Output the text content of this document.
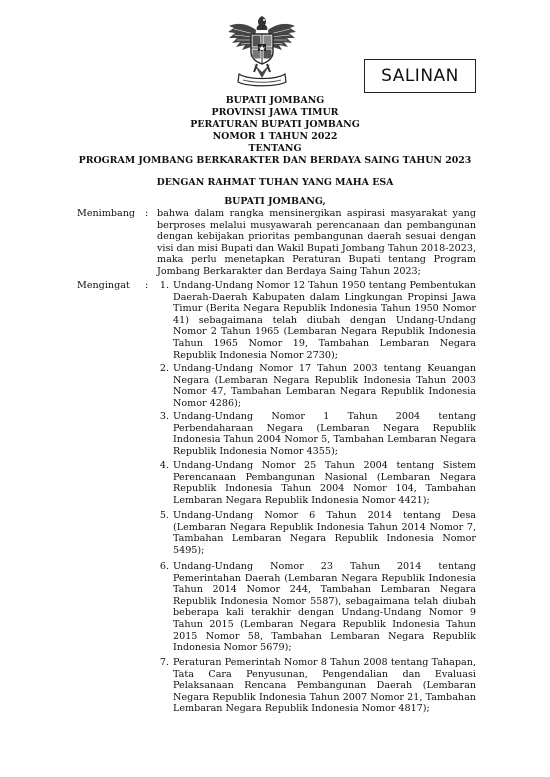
SALINAN
BUPATI JOMBANG
PROVINSI JAWA TIMUR
PERATURAN BUPATI JOMBANG
NOMOR 1 TAHUN 2022
TENTANG
PROGRAM JOMBANG BERKARAKTER DAN BERDAYA SAING TAHUN 2023
DENGAN RAHMAT TUHAN YANG MAHA ESA
BUPATI JOMBANG,
Menimbang : bahwa dalam rangka mensinergikan aspirasi masyarakat yang berproses melalui musyawarah perencanaan dan pembangunan dengan kebijakan prioritas pembangunan daerah sesuai dengan visi dan misi Bupati dan Wakil Bupati Jombang Tahun 2018-2023, maka perlu menetapkan Peraturan Bupati tentang Program Jombang Berkarakter dan Berdaya Saing Tahun 2023;
Mengingat : 1. Undang-Undang Nomor 12 Tahun 1950 tentang Pembentukan Daerah-Daerah Kabupaten dalam Lingkungan Propinsi Jawa Timur (Berita Negara Republik Indonesia Tahun 1950 Nomor 41) sebagaimana telah diubah dengan Undang-Undang Nomor 2 Tahun 1965 (Lembaran Negara Republik Indonesia Tahun 1965 Nomor 19, Tambahan Lembaran Negara Republik Indonesia Nomor 2730);
2. Undang-Undang Nomor 17 Tahun 2003 tentang Keuangan Negara (Lembaran Negara Republik Indonesia Tahun 2003 Nomor 47, Tambahan Lembaran Negara Republik Indonesia Nomor 4286);
3. Undang-Undang Nomor 1 Tahun 2004 tentang Perbendaharaan Negara (Lembaran Negara Republik Indonesia Tahun 2004 Nomor 5, Tambahan Lembaran Negara Republik Indonesia Nomor 4355);
4. Undang-Undang Nomor 25 Tahun 2004 tentang Sistem Perencanaan Pembangunan Nasional (Lembaran Negara Republik Indonesia Tahun 2004 Nomor 104, Tambahan Lembaran Negara Republik Indonesia Nomor 4421);
5. Undang-Undang Nomor 6 Tahun 2014 tentang Desa (Lembaran Negara Republik Indonesia Tahun 2014 Nomor 7, Tambahan Lembaran Negara Republik Indonesia Nomor 5495);
6. Undang-Undang Nomor 23 Tahun 2014 tentang Pemerintahan Daerah (Lembaran Negara Republik Indonesia Tahun 2014 Nomor 244, Tambahan Lembaran Negara Republik Indonesia Nomor 5587), sebagaimana telah diubah beberapa kali terakhir dengan Undang-Undang Nomor 9 Tahun 2015 (Lembaran Negara Republik Indonesia Tahun 2015 Nomor 58, Tambahan Lembaran Negara Republik Indonesia Nomor 5679);
7. Peraturan Pemerintah Nomor 8 Tahun 2008 tentang Tahapan, Tata Cara Penyusunan, Pengendalian dan Evaluasi Pelaksanaan Rencana Pembangunan Daerah (Lembaran Negara Republik Indonesia Tahun 2007 Nomor 21, Tambahan Lembaran Negara Republik Indonesia Nomor 4817);
